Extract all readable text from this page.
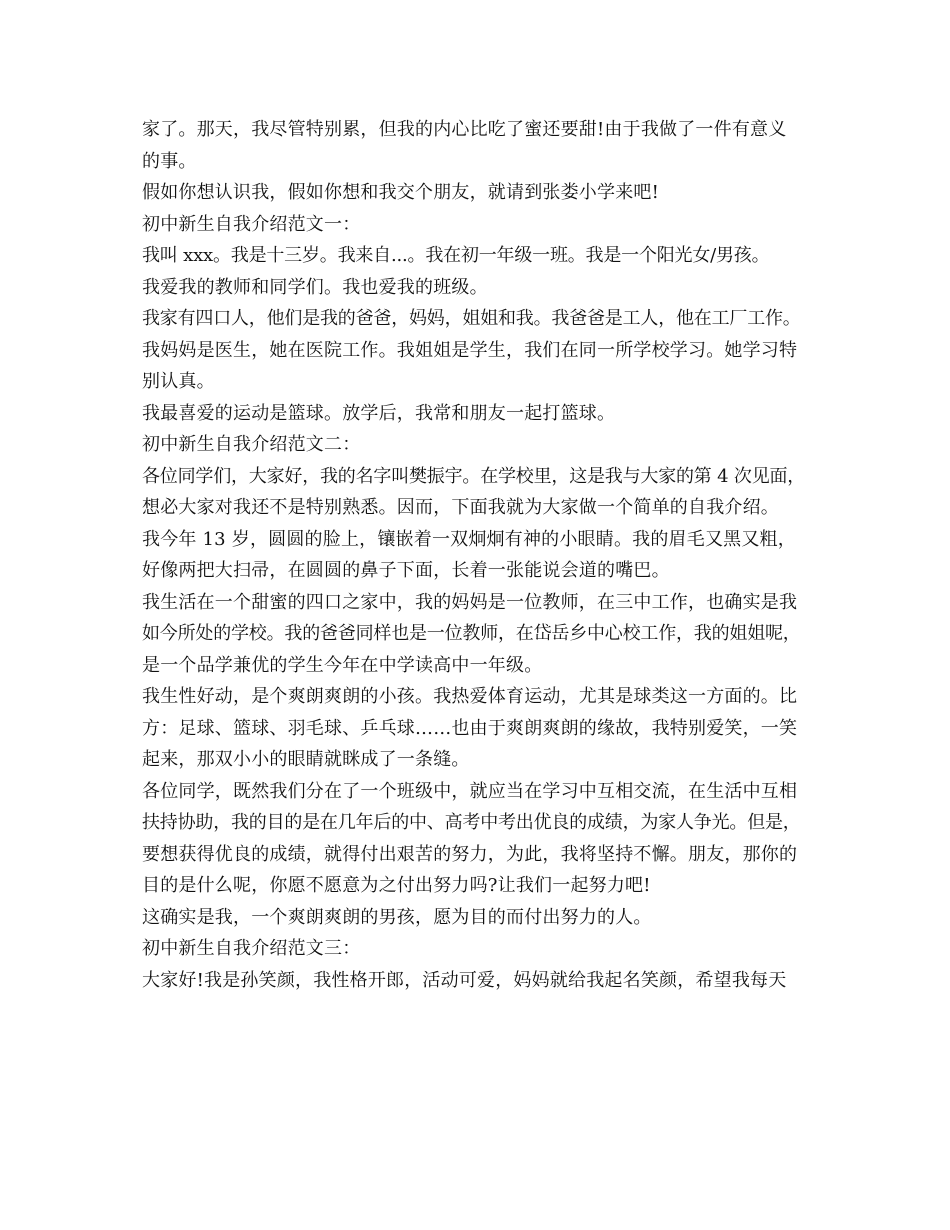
家了。那天，我尽管特别累，但我的内心比吃了蜜还要甜!由于我做了一件有意义
的事。
假如你想认识我，假如你想和我交个朋友，就请到张娄小学来吧!
初中新生自我介绍范文一：
我叫 xxx。我是十三岁。我来自...。我在初一年级一班。我是一个阳光女/男孩。
我爱我的教师和同学们。我也爱我的班级。
我家有四口人，他们是我的爸爸，妈妈，姐姐和我。我爸爸是工人，他在工厂工作。
我妈妈是医生，她在医院工作。我姐姐是学生，我们在同一所学校学习。她学习特
别认真。
我最喜爱的运动是篮球。放学后，我常和朋友一起打篮球。
初中新生自我介绍范文二：
各位同学们，大家好，我的名字叫樊振宇。在学校里，这是我与大家的第 4 次见面，
想必大家对我还不是特别熟悉。因而，下面我就为大家做一个简单的自我介绍。
我今年 13 岁，圆圆的脸上，镶嵌着一双炯炯有神的小眼睛。我的眉毛又黑又粗，
好像两把大扫帚，在圆圆的鼻子下面，长着一张能说会道的嘴巴。
我生活在一个甜蜜的四口之家中，我的妈妈是一位教师，在三中工作，也确实是我
如今所处的学校。我的爸爸同样也是一位教师，在岱岳乡中心校工作，我的姐姐呢，
是一个品学兼优的学生今年在中学读高中一年级。
我生性好动，是个爽朗爽朗的小孩。我热爱体育运动，尤其是球类这一方面的。比
方：足球、篮球、羽毛球、乒乓球……也由于爽朗爽朗的缘故，我特别爱笑，一笑
起来，那双小小的眼睛就眯成了一条缝。
各位同学，既然我们分在了一个班级中，就应当在学习中互相交流，在生活中互相
扶持协助，我的目的是在几年后的中、高考中考出优良的成绩，为家人争光。但是，
要想获得优良的成绩，就得付出艰苦的努力，为此，我将坚持不懈。朋友，那你的
目的是什么呢，你愿不愿意为之付出努力吗?让我们一起努力吧!
这确实是我，一个爽朗爽朗的男孩，愿为目的而付出努力的人。
初中新生自我介绍范文三：
大家好!我是孙笑颜，我性格开郎，活动可爱，妈妈就给我起名笑颜，希望我每天
